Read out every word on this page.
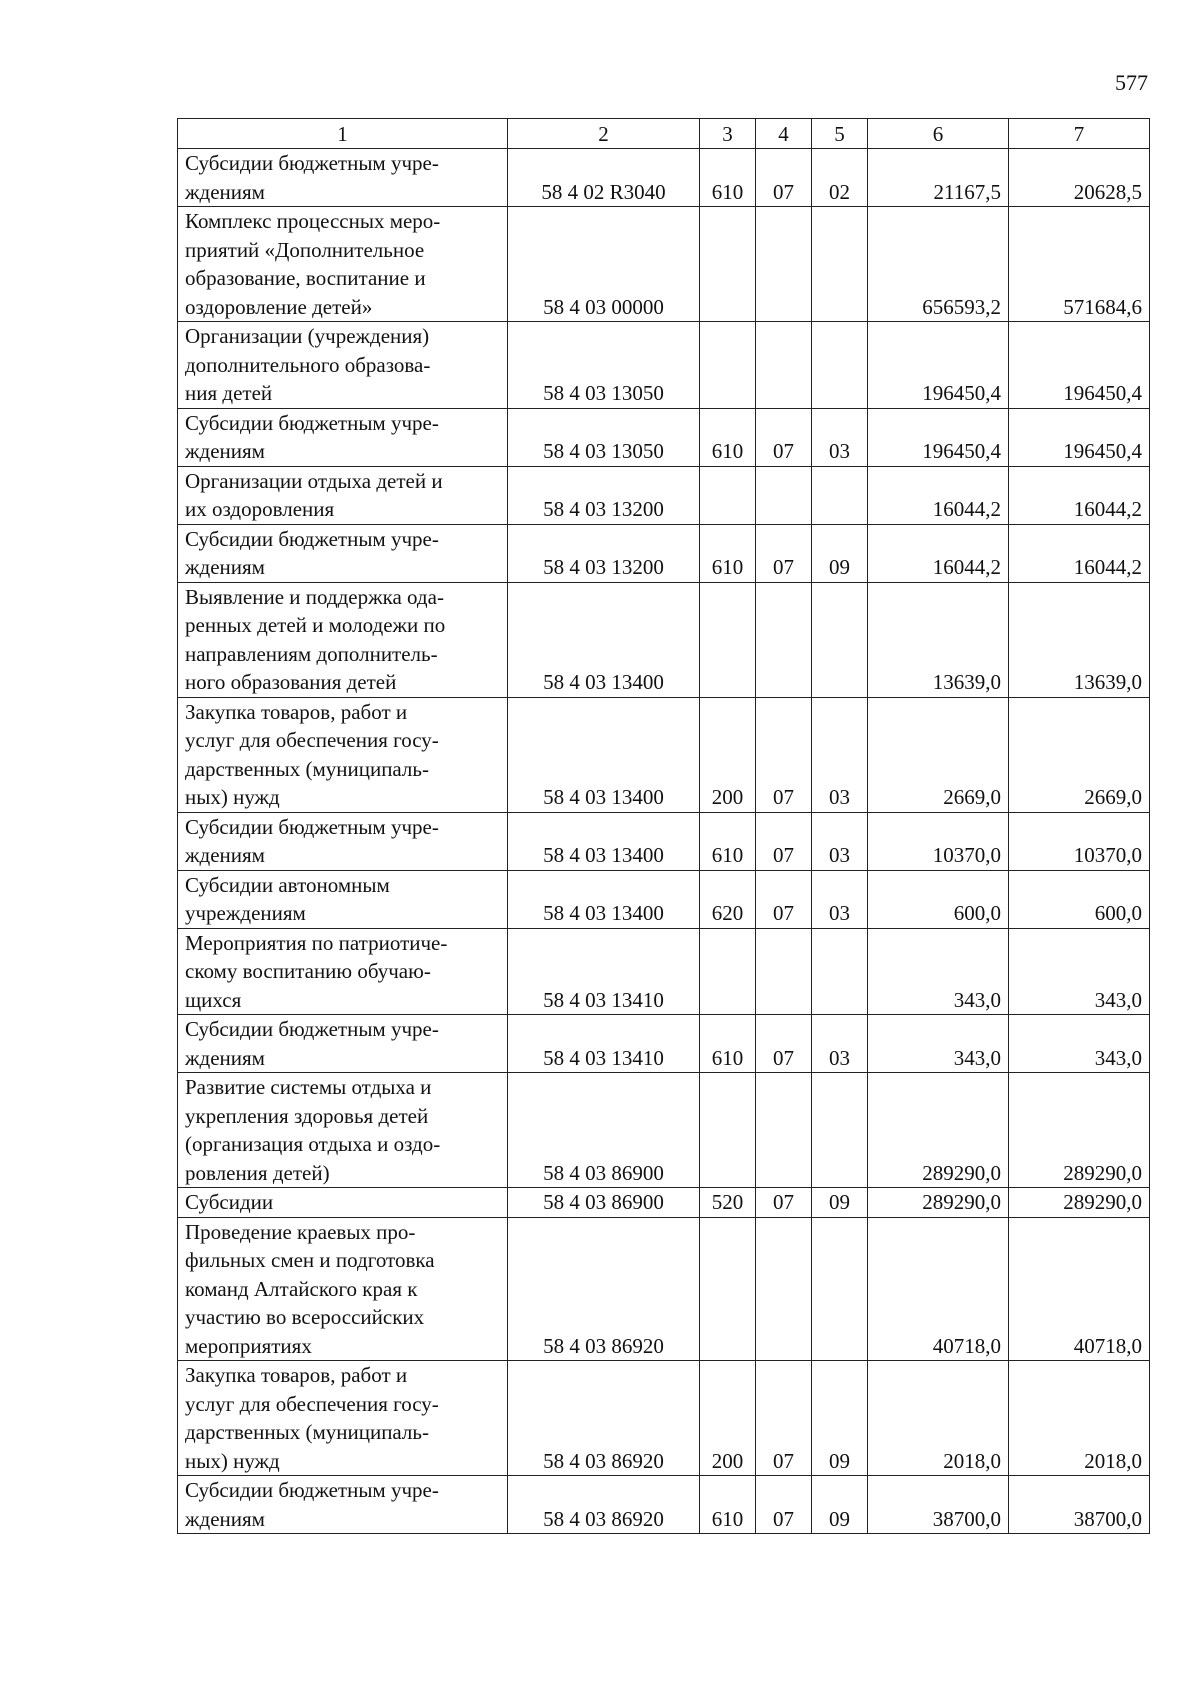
577
1	2	3	4	5	6	7
Субсидии бюджетным учре-
ждениям	58 4 02 R3040	610	07	02	21167,5	20628,5
Комплекс процессных меро-
приятий «Дополнительное
образование, воспитание и
оздоровление детей»	58 4 03 00000				656593,2	571684,6
Организации (учреждения)
дополнительного образова-
ния детей	58 4 03 13050				196450,4	196450,4
Субсидии бюджетным учре-
ждениям	58 4 03 13050	610	07	03	196450,4	196450,4
Организации отдыха детей и
их оздоровления	58 4 03 13200				16044,2	16044,2
Субсидии бюджетным учре-
ждениям	58 4 03 13200	610	07	09	16044,2	16044,2
Выявление и поддержка ода-
ренных детей и молодежи по
направлениям дополнитель-
ного образования детей	58 4 03 13400				13639,0	13639,0
Закупка товаров, работ и
услуг для обеспечения госу-
дарственных (муниципаль-
ных) нужд	58 4 03 13400	200	07	03	2669,0	2669,0
Субсидии бюджетным учре-
ждениям	58 4 03 13400	610	07	03	10370,0	10370,0
Субсидии автономным
учреждениям	58 4 03 13400	620	07	03	600,0	600,0
Мероприятия по патриотиче-
скому воспитанию обучаю-
щихся	58 4 03 13410				343,0	343,0
Субсидии бюджетным учре-
ждениям	58 4 03 13410	610	07	03	343,0	343,0
Развитие системы отдыха и
укрепления здоровья детей
(организация отдыха и оздо-
ровления детей)	58 4 03 86900				289290,0	289290,0
Субсидии	58 4 03 86900	520	07	09	289290,0	289290,0
Проведение краевых про-
фильных смен и подготовка
команд Алтайского края к
участию во всероссийских
мероприятиях	58 4 03 86920				40718,0	40718,0
Закупка товаров, работ и
услуг для обеспечения госу-
дарственных (муниципаль-
ных) нужд	58 4 03 86920	200	07	09	2018,0	2018,0
Субсидии бюджетным учре-
ждениям	58 4 03 86920	610	07	09	38700,0	38700,0
